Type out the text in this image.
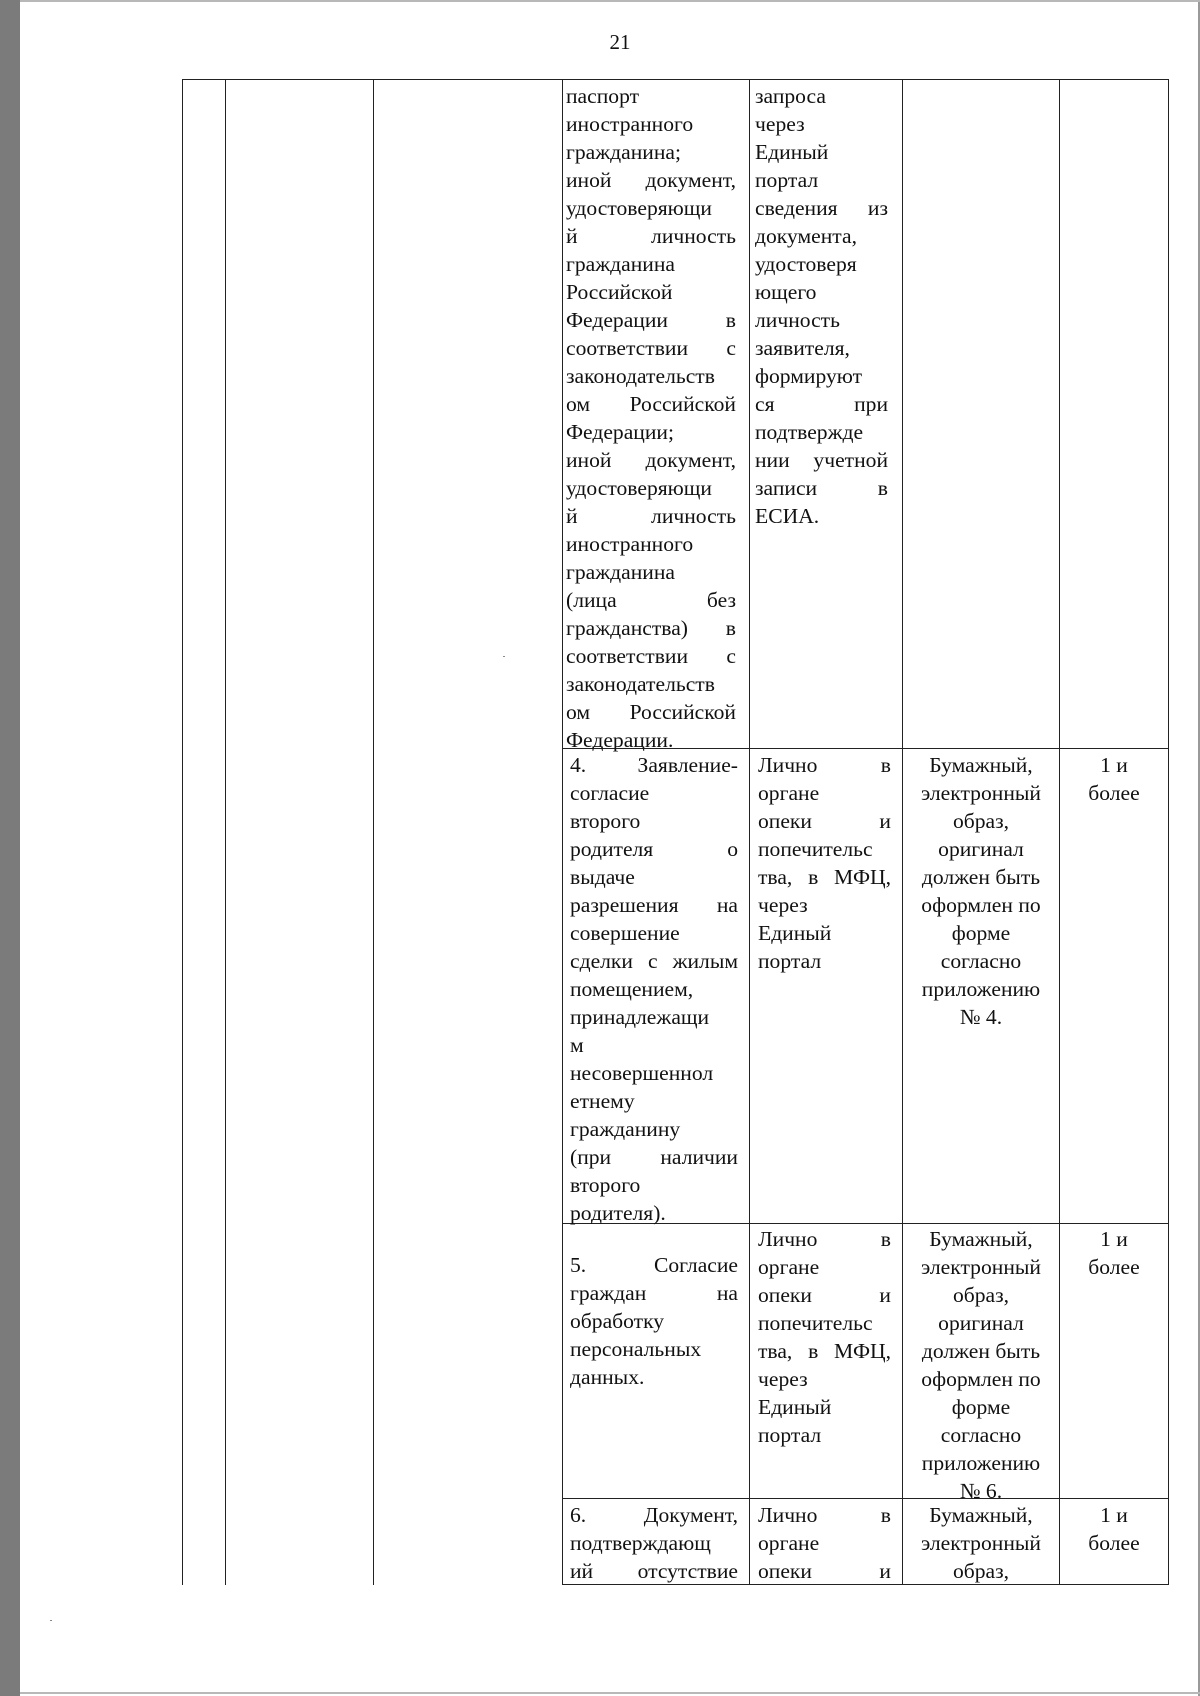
21

паспорт
иностранного
гражданина;
иной документ,
удостоверяющи
й личность
гражданина
Российской
Федерации в
соответствии с
законодательств
ом Российской
Федерации;
иной документ,
удостоверяющи
й личность
иностранного
гражданина
(лица без
гражданства) в
соответствии с
законодательств
ом Российской
Федерации.

запроса
через
Единый
портал
сведения из
документа,
удостоверя
ющего
личность
заявителя,
формируют
ся при
подтвержде
нии учетной
записи в
ЕСИА.

4. Заявление-
согласие
второго
родителя о
выдаче
разрешения на
совершение
сделки с жилым
помещением,
принадлежащи
м
несовершеннол
етнему
гражданину
(при наличии
второго
родителя).

Лично в
органе
опеки и
попечительс
тва, в МФЦ,
через
Единый
портал

Бумажный,
электронный
образ,
оригинал
должен быть
оформлен по
форме
согласно
приложению
№ 4.

1 и
более

5. Согласие
граждан на
обработку
персональных
данных.

Лично в
органе
опеки и
попечительс
тва, в МФЦ,
через
Единый
портал

Бумажный,
электронный
образ,
оригинал
должен быть
оформлен по
форме
согласно
приложению
№ 6.

1 и
более

6. Документ,
подтверждающ
ий отсутствие

Лично в
органе
опеки и

Бумажный,
электронный
образ,

1 и
более
